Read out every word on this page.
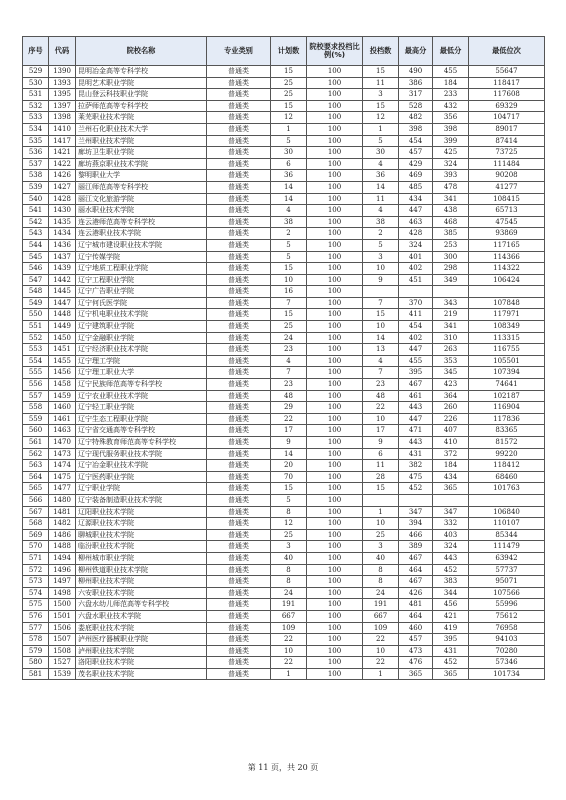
序号	代码	院校名称	专业类别	计划数	院校要求投档比例(%)	投档数	最高分	最低分	最低位次
529	1390	昆明冶金高等专科学校	普通类	15	100	15	490	455	55647
530	1393	昆明艺术职业学院	普通类	25	100	11	386	184	118417
531	1395	昆山登云科技职业学院	普通类	25	100	3	317	233	117608
532	1397	拉萨师范高等专科学校	普通类	15	100	15	528	432	69329
533	1398	莱芜职业技术学院	普通类	12	100	12	482	356	104717
534	1410	兰州石化职业技术大学	普通类	1	100	1	398	398	89017
535	1417	兰州职业技术学院	普通类	5	100	5	454	399	87414
536	1421	廊坊卫生职业学院	普通类	30	100	30	457	425	73725
537	1422	廊坊燕京职业技术学院	普通类	6	100	4	429	324	111484
538	1426	黎明职业大学	普通类	36	100	36	469	393	90208
539	1427	丽江师范高等专科学校	普通类	14	100	14	485	478	41277
540	1428	丽江文化旅游学院	普通类	14	100	11	434	341	108415
541	1430	丽水职业技术学院	普通类	4	100	4	447	438	65713
542	1435	连云港师范高等专科学校	普通类	38	100	38	463	468	47545
543	1434	连云港职业技术学院	普通类	2	100	2	428	385	93869
544	1436	辽宁城市建设职业技术学院	普通类	5	100	5	324	253	117165
545	1437	辽宁传媒学院	普通类	5	100	3	401	300	114366
546	1439	辽宁地质工程职业学院	普通类	15	100	10	402	298	114322
547	1442	辽宁工程职业学院	普通类	10	100	9	451	349	106424
548	1445	辽宁广告职业学院	普通类	16	100				
549	1447	辽宁何氏医学院	普通类	7	100	7	370	343	107848
550	1448	辽宁机电职业技术学院	普通类	15	100	15	411	219	117971
551	1449	辽宁建筑职业学院	普通类	25	100	10	454	341	108349
552	1450	辽宁金融职业学院	普通类	24	100	14	402	310	113315
553	1451	辽宁经济职业技术学院	普通类	23	100	13	447	263	116755
554	1455	辽宁理工学院	普通类	4	100	4	455	353	105501
555	1456	辽宁理工职业大学	普通类	7	100	7	395	345	107394
556	1458	辽宁民族师范高等专科学校	普通类	23	100	23	467	423	74641
557	1459	辽宁农业职业技术学院	普通类	48	100	48	461	364	102187
558	1460	辽宁轻工职业学院	普通类	29	100	22	443	260	116904
559	1461	辽宁生态工程职业学院	普通类	22	100	10	447	226	117836
560	1463	辽宁省交通高等专科学校	普通类	17	100	17	471	407	83365
561	1470	辽宁特殊教育师范高等专科学校	普通类	9	100	9	443	410	81572
562	1473	辽宁现代服务职业技术学院	普通类	14	100	6	431	372	99220
563	1474	辽宁冶金职业技术学院	普通类	20	100	11	382	184	118412
564	1475	辽宁医药职业学院	普通类	70	100	28	475	434	68460
565	1477	辽宁职业学院	普通类	15	100	15	452	365	101763
566	1480	辽宁装备制造职业技术学院	普通类	5	100				
567	1481	辽阳职业技术学院	普通类	8	100	1	347	347	106840
568	1482	辽源职业技术学院	普通类	12	100	10	394	332	110107
569	1486	聊城职业技术学院	普通类	25	100	25	466	403	85344
570	1488	临汾职业技术学院	普通类	3	100	3	389	324	111479
571	1494	柳州城市职业学院	普通类	40	100	40	467	443	63942
572	1496	柳州铁道职业技术学院	普通类	8	100	8	464	452	57737
573	1497	柳州职业技术学院	普通类	8	100	8	467	383	95071
574	1498	六安职业技术学院	普通类	24	100	24	426	344	107566
575	1500	六盘水幼儿师范高等专科学校	普通类	191	100	191	481	456	55996
576	1501	六盘水职业技术学院	普通类	667	100	667	464	421	75612
577	1506	娄底职业技术学院	普通类	109	100	109	460	419	76958
578	1507	泸州医疗器械职业学院	普通类	22	100	22	457	395	94103
579	1508	泸州职业技术学院	普通类	10	100	10	473	431	70280
580	1527	洛阳职业技术学院	普通类	22	100	22	476	452	57346
581	1539	茂名职业技术学院	普通类	1	100	1	365	365	101734
第 11 页，共 20 页
